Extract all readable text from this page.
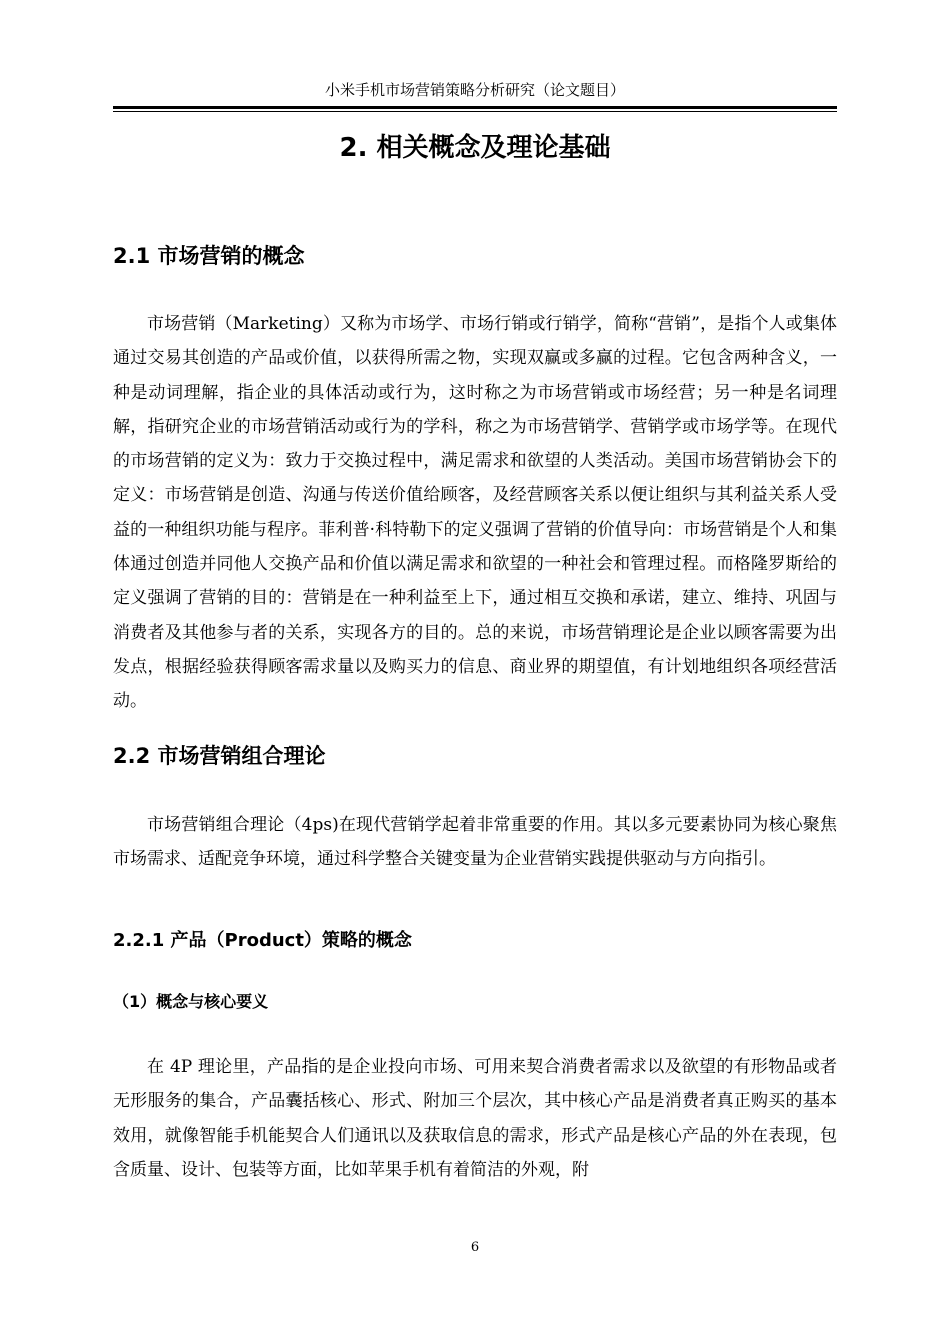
小米手机市场营销策略分析研究（论文题目）
2. 相关概念及理论基础
2.1 市场营销的概念
市场营销（Marketing）又称为市场学、市场行销或行销学，简称“营销”，是指个人或集体通过交易其创造的产品或价值，以获得所需之物，实现双赢或多赢的过程。它包含两种含义，一种是动词理解，指企业的具体活动或行为，这时称之为市场营销或市场经营；另一种是名词理解，指研究企业的市场营销活动或行为的学科，称之为市场营销学、营销学或市场学等。在现代的市场营销的定义为：致力于交换过程中，满足需求和欲望的人类活动。美国市场营销协会下的定义：市场营销是创造、沟通与传送价值给顾客，及经营顾客关系以便让组织与其利益关系人受益的一种组织功能与程序。菲利普·科特勒下的定义强调了营销的价值导向：市场营销是个人和集体通过创造并同他人交换产品和价值以满足需求和欲望的一种社会和管理过程。而格隆罗斯给的定义强调了营销的目的：营销是在一种利益至上下，通过相互交换和承诺，建立、维持、巩固与消费者及其他参与者的关系，实现各方的目的。总的来说，市场营销理论是企业以顾客需要为出发点，根据经验获得顾客需求量以及购买力的信息、商业界的期望值，有计划地组织各项经营活动。
2.2 市场营销组合理论
市场营销组合理论（4ps)在现代营销学起着非常重要的作用。其以多元要素协同为核心聚焦市场需求、适配竞争环境，通过科学整合关键变量为企业营销实践提供驱动与方向指引。
2.2.1 产品（Product）策略的概念
（1）概念与核心要义
在 4P 理论里，产品指的是企业投向市场、可用来契合消费者需求以及欲望的有形物品或者无形服务的集合，产品囊括核心、形式、附加三个层次，其中核心产品是消费者真正购买的基本效用，就像智能手机能契合人们通讯以及获取信息的需求，形式产品是核心产品的外在表现，包含质量、设计、包装等方面，比如苹果手机有着简洁的外观，附
6
